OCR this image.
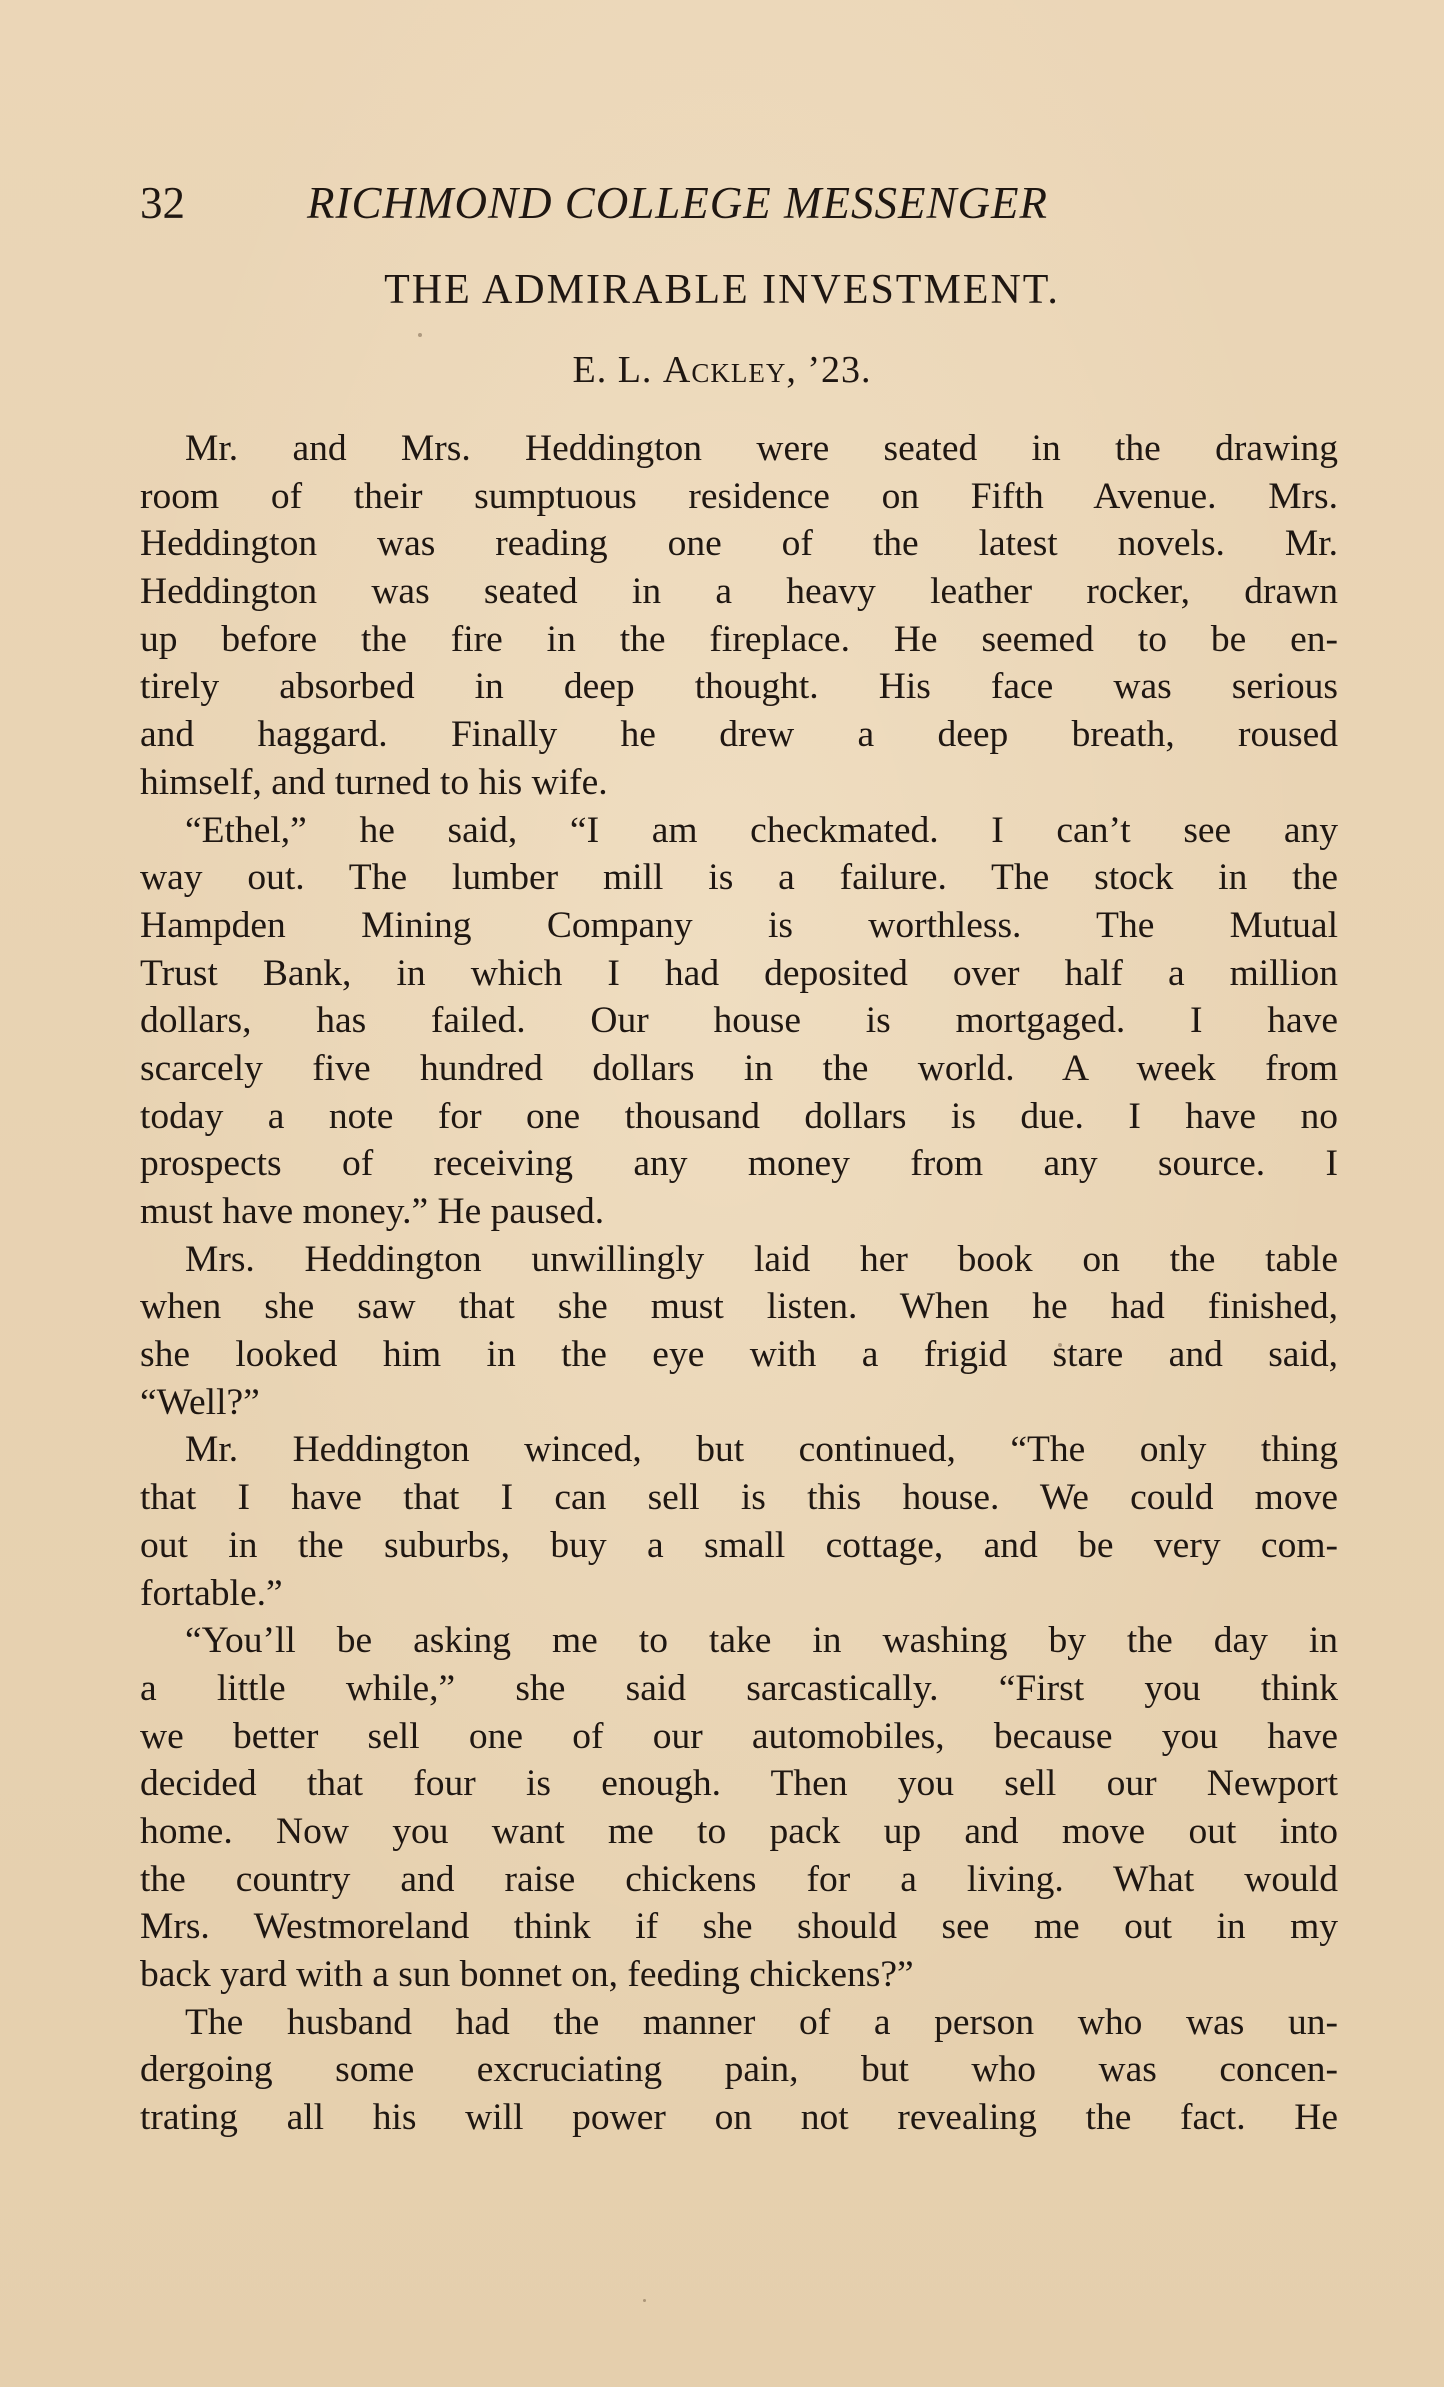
32	RICHMOND COLLEGE MESSENGER
THE ADMIRABLE INVESTMENT.
E. L. Ackley, ’23.
Mr. and Mrs. Heddington were seated in the drawing
room of their sumptuous residence on Fifth Avenue. Mrs.
Heddington was reading one of the latest novels. Mr.
Heddington was seated in a heavy leather rocker, drawn
up before the fire in the fireplace. He seemed to be en-
tirely absorbed in deep thought. His face was serious
and haggard. Finally he drew a deep breath, roused
himself, and turned to his wife.
“Ethel,” he said, “I am checkmated. I can’t see any
way out. The lumber mill is a failure. The stock in the
Hampden Mining Company is worthless. The Mutual
Trust Bank, in which I had deposited over half a million
dollars, has failed. Our house is mortgaged. I have
scarcely five hundred dollars in the world. A week from
today a note for one thousand dollars is due. I have no
prospects of receiving any money from any source. I
must have money.” He paused.
Mrs. Heddington unwillingly laid her book on the table
when she saw that she must listen. When he had finished,
she looked him in the eye with a frigid stare and said,
“Well?”
Mr. Heddington winced, but continued, “The only thing
that I have that I can sell is this house. We could move
out in the suburbs, buy a small cottage, and be very com-
fortable.”
“You’ll be asking me to take in washing by the day in
a little while,” she said sarcastically. “First you think
we better sell one of our automobiles, because you have
decided that four is enough. Then you sell our Newport
home. Now you want me to pack up and move out into
the country and raise chickens for a living. What would
Mrs. Westmoreland think if she should see me out in my
back yard with a sun bonnet on, feeding chickens?”
The husband had the manner of a person who was un-
dergoing some excruciating pain, but who was concen-
trating all his will power on not revealing the fact. He
